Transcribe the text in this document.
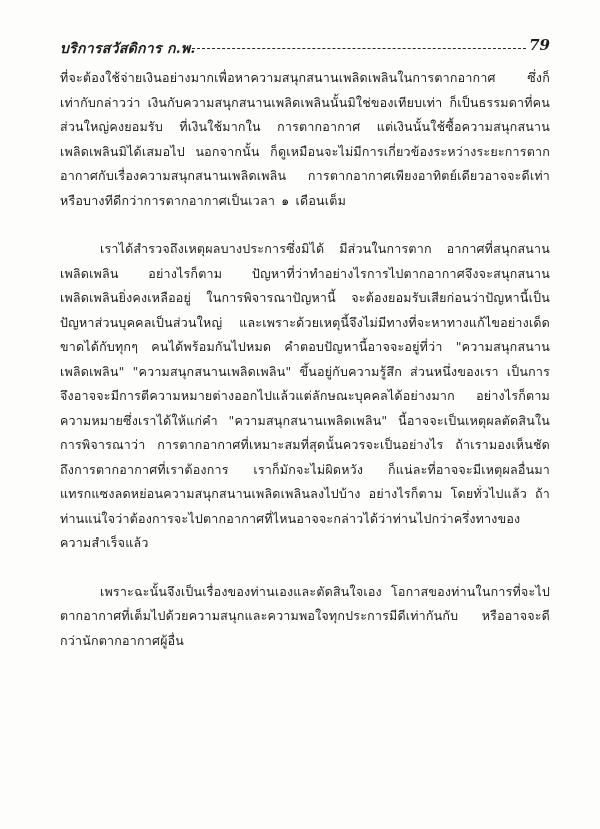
บริการสวัสดิการ ก.พ.	79

ที่จะต้องใช้จ่ายเงินอย่างมากเพื่อหาความสนุกสนานเพลิดเพลินในการตากอากาศ ซึ่งก็เท่ากับกล่าวว่า เงินกับความสนุกสนานเพลิดเพลินนั้นมิใช่ของเทียบเท่า ก็เป็นธรรมดาที่คนส่วนใหญ่คงยอมรับ ที่เงินใช้มากใน การตากอากาศ แต่เงินนั้นใช้ซื้อความสนุกสนานเพลิดเพลินมิได้เสมอไป นอกจากนั้น ก็ดูเหมือนจะไม่มีการเกี่ยวข้องระหว่างระยะการตากอากาศกับเรื่องความสนุกสนานเพลิดเพลิน การตากอากาศเพียงอาทิตย์เดียวอาจจะดีเท่า หรือบางทีดีกว่าการตากอากาศเป็นเวลา ๑ เดือนเต็ม

เราได้สำรวจถึงเหตุผลบางประการซึ่งมิได้ มีส่วนในการตาก อากาศที่สนุกสนานเพลิดเพลิน อย่างไรก็ตาม ปัญหาที่ว่าทำอย่างไรการไปตากอากาศจึงจะสนุกสนานเพลิดเพลินยิ่งคงเหลืออยู่ ในการพิจารณาปัญหานี้ จะต้องยอมรับเสียก่อนว่าปัญหานี้เป็นปัญหาส่วนบุคคลเป็นส่วนใหญ่ และเพราะด้วยเหตุนี้จึงไม่มีทางที่จะหาทางแก้ไขอย่างเด็ดขาดได้กับทุกๆ คนได้พร้อมกันไปหมด คำตอบปัญหานี้อาจจะอยู่ที่ว่า "ความสนุกสนานเพลิดเพลิน" "ความสนุกสนานเพลิดเพลิน" ขึ้นอยู่กับความรู้สึก ส่วนหนึ่งของเรา เป็นการจึงอาจจะมีการตีความหมายต่างออกไปแล้วแต่ลักษณะบุคคลได้อย่างมาก อย่างไรก็ตาม ความหมายซึ่งเราได้ให้แก่คำ "ความสนุกสนานเพลิดเพลิน" นี้อาจจะเป็นเหตุผลตัดสินในการพิจารณาว่า การตากอากาศที่เหมาะสมที่สุดนั้นควรจะเป็นอย่างไร ถ้าเรามองเห็นชัดถึงการตากอากาศที่เราต้องการ เราก็มักจะไม่ผิดหวัง ก็แน่ละที่อาจจะมีเหตุผลอื่นมาแทรกแซงลดหย่อนความสนุกสนานเพลิดเพลินลงไปบ้าง อย่างไรก็ตาม โดยทั่วไปแล้ว ถ้าท่านแน่ใจว่าต้องการจะไปตากอากาศที่ไหนอาจจะกล่าวได้ว่าท่านไปกว่าครึ่งทางของความสำเร็จแล้ว

เพราะฉะนั้นจึงเป็นเรื่องของท่านเองและตัดสินใจเอง โอกาสของท่านในการที่จะไปตากอากาศที่เต็มไปด้วยความสนุกและความพอใจทุกประการมีดีเท่ากันกับ หรืออาจจะดีกว่านักตากอากาศผู้อื่น
